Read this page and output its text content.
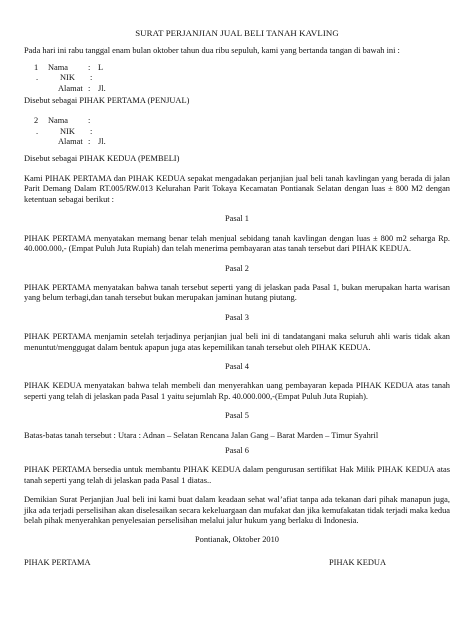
SURAT PERJANJIAN JUAL BELI TANAH KAVLING
Pada hari ini rabu tanggal enam bulan oktober tahun dua ribu sepuluh, kami yang bertanda tangan di bawah ini :
1	Nama	: L
.	NIK	:
Alamat : Jl.
Disebut sebagai PIHAK PERTAMA (PENJUAL)
2	Nama	:
.	NIK	:
Alamat : Jl.
Disebut sebagai PIHAK KEDUA (PEMBELI)
Kami PIHAK PERTAMA dan PIHAK KEDUA sepakat mengadakan perjanjian jual beli tanah kavlingan yang berada di jalan Parit Demang Dalam RT.005/RW.013 Kelurahan Parit Tokaya Kecamatan Pontianak Selatan dengan luas ± 800 M2 dengan ketentuan sebagai berikut :
Pasal 1
PIHAK PERTAMA menyatakan memang benar telah menjual sebidang tanah kavlingan dengan luas ± 800 m2 seharga Rp. 40.000.000,- (Empat Puluh Juta Rupiah) dan telah menerima pembayaran atas tanah tersebut dari PIHAK KEDUA.
Pasal 2
PIHAK PERTAMA menyatakan bahwa tanah tersebut seperti yang di jelaskan pada Pasal 1, bukan merupakan harta warisan yang belum terbagi,dan tanah tersebut bukan merupakan jaminan hutang piutang.
Pasal 3
PIHAK PERTAMA menjamin setelah terjadinya perjanjian jual beli ini di tandatangani maka seluruh ahli waris tidak akan menuntut/menggugat dalam bentuk apapun juga atas kepemilikan tanah tersebut oleh PIHAK KEDUA.
Pasal 4
PIHAK KEDUA menyatakan bahwa telah membeli dan menyerahkan uang pembayaran kepada PIHAK KEDUA atas tanah seperti yang telah di jelaskan pada Pasal 1 yaitu sejumlah Rp. 40.000.000,-(Empat Puluh Juta Rupiah).
Pasal 5
Batas-batas tanah tersebut : Utara : Adnan – Selatan Rencana Jalan Gang – Barat Marden – Timur Syahril
Pasal 6
PIHAK PERTAMA bersedia untuk membantu PIHAK KEDUA dalam pengurusan sertifikat Hak Milik PIHAK KEDUA atas tanah seperti yang telah di jelaskan pada Pasal 1 diatas..
Demikian Surat Perjanjian Jual beli ini kami buat dalam keadaan sehat wal’afiat tanpa ada tekanan dari pihak manapun juga, jika ada terjadi perselisihan akan diselesaikan secara kekeluargaan dan mufakat dan jika kemufakatan tidak terjadi maka kedua belah pihak menyerahkan penyelesaian perselisihan melalui jalur hukum yang berlaku di Indonesia.
Pontianak, Oktober 2010
PIHAK PERTAMA	PIHAK KEDUA
